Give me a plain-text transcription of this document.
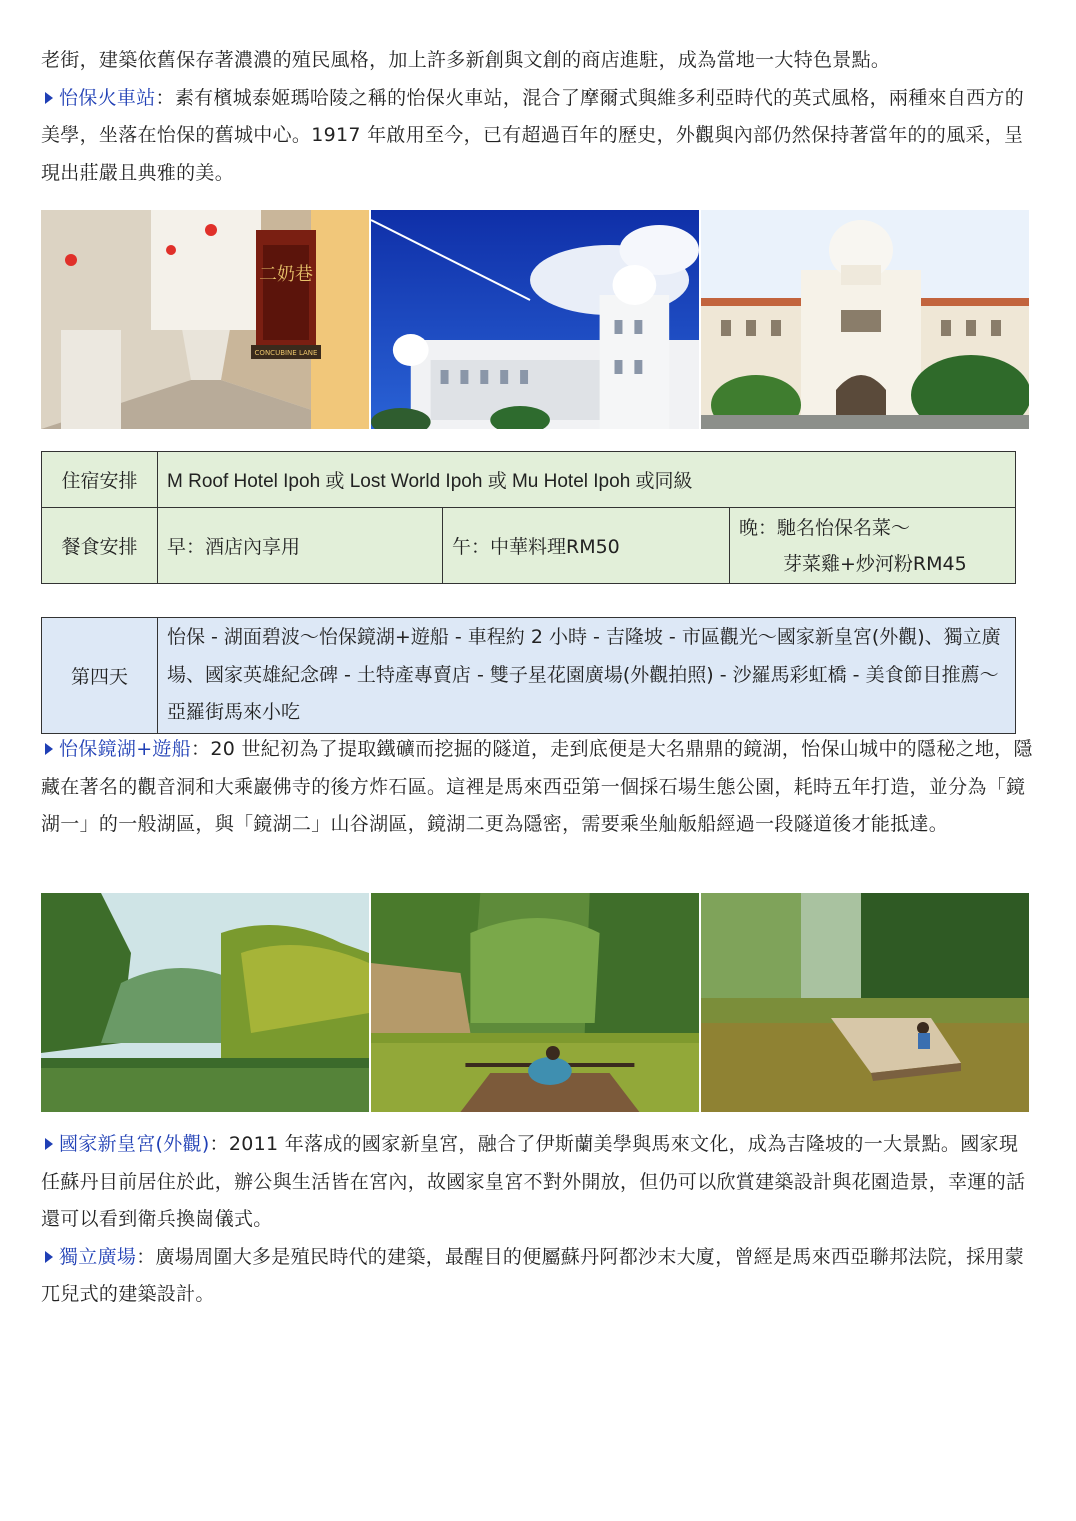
老街，建築依舊保存著濃濃的殖民風格，加上許多新創與文創的商店進駐，成為當地一大特色景點。
怡保火車站：素有檳城泰姬瑪哈陵之稱的怡保火車站，混合了摩爾式與維多利亞時代的英式風格，兩種來自西方的美學，坐落在怡保的舊城中心。1917 年啟用至今，已有超過百年的歷史，外觀與內部仍然保持著當年的的風采，呈現出莊嚴且典雅的美。
二奶巷
CONCUBINE LANE
住宿安排	M Roof Hotel Ipoh 或 Lost World Ipoh 或 Mu Hotel Ipoh 或同級		
餐食安排	早：酒店內享用	午：中華料理RM50	晚：馳名怡保名菜～
芽菜雞+炒河粉RM45
第四天	怡保 - 湖面碧波～怡保鏡湖+遊船 - 車程約 2 小時 - 吉隆坡 - 市區觀光～國家新皇宮(外觀)、獨立廣場、國家英雄紀念碑 - 土特產專賣店 - 雙子星花園廣場(外觀拍照) - 沙羅馬彩虹橋 - 美食節目推薦～亞羅街馬來小吃
怡保鏡湖+遊船：20 世紀初為了提取鐵礦而挖掘的隧道，走到底便是大名鼎鼎的鏡湖，怡保山城中的隱秘之地，隱藏在著名的觀音洞和大乘巖佛寺的後方炸石區。這裡是馬來西亞第一個採石場生態公園，耗時五年打造，並分為「鏡湖一」的一般湖區，與「鏡湖二」山谷湖區，鏡湖二更為隱密，需要乘坐舢舨船經過一段隧道後才能抵達。
國家新皇宮(外觀)：2011 年落成的國家新皇宮，融合了伊斯蘭美學與馬來文化，成為吉隆坡的一大景點。國家現任蘇丹目前居住於此，辦公與生活皆在宮內，故國家皇宮不對外開放，但仍可以欣賞建築設計與花園造景，幸運的話還可以看到衛兵換崗儀式。
獨立廣場：廣場周圍大多是殖民時代的建築，最醒目的便屬蘇丹阿都沙末大廈，曾經是馬來西亞聯邦法院，採用蒙兀兒式的建築設計。
